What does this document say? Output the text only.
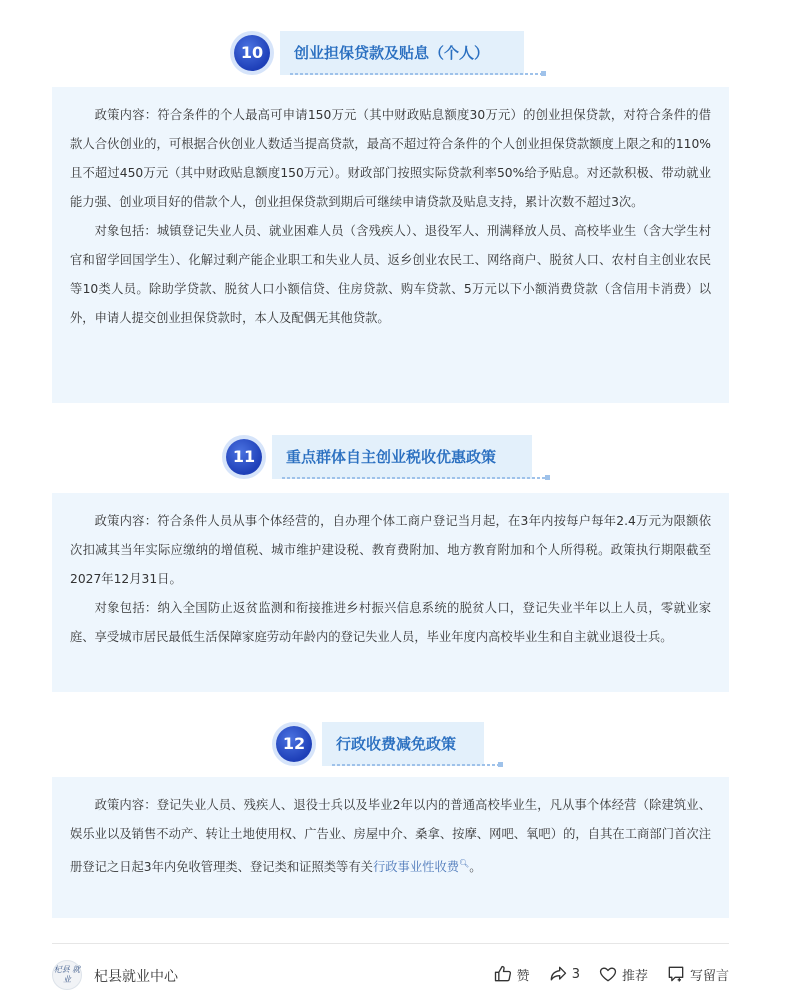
10	创业担保贷款及贴息（个人）

政策内容：符合条件的个人最高可申请150万元（其中财政贴息额度30万元）的创业担保贷款，对符合条件的借款人合伙创业的，可根据合伙创业人数适当提高贷款，最高不超过符合条件的个人创业担保贷款额度上限之和的110%且不超过450万元（其中财政贴息额度150万元）。财政部门按照实际贷款利率50%给予贴息。对还款积极、带动就业能力强、创业项目好的借款个人，创业担保贷款到期后可继续申请贷款及贴息支持，累计次数不超过3次。

对象包括：城镇登记失业人员、就业困难人员（含残疾人）、退役军人、刑满释放人员、高校毕业生（含大学生村官和留学回国学生）、化解过剩产能企业职工和失业人员、返乡创业农民工、网络商户、脱贫人口、农村自主创业农民等10类人员。除助学贷款、脱贫人口小额信贷、住房贷款、购车贷款、5万元以下小额消费贷款（含信用卡消费）以外，申请人提交创业担保贷款时，本人及配偶无其他贷款。

11	重点群体自主创业税收优惠政策

政策内容：符合条件人员从事个体经营的，自办理个体工商户登记当月起，在3年内按每户每年2.4万元为限额依次扣减其当年实际应缴纳的增值税、城市维护建设税、教育费附加、地方教育附加和个人所得税。政策执行期限截至2027年12月31日。

对象包括：纳入全国防止返贫监测和衔接推进乡村振兴信息系统的脱贫人口，登记失业半年以上人员，零就业家庭、享受城市居民最低生活保障家庭劳动年龄内的登记失业人员，毕业年度内高校毕业生和自主就业退役士兵。

12	行政收费减免政策

政策内容：登记失业人员、残疾人、退役士兵以及毕业2年以内的普通高校毕业生，凡从事个体经营（除建筑业、娱乐业以及销售不动产、转让土地使用权、广告业、房屋中介、桑拿、按摩、网吧、氧吧）的，自其在工商部门首次注册登记之日起3年内免收管理类、登记类和证照类等有关行政事业性收费🔍︎。

杞县 就业	杞县就业中心	赞	3	推荐	写留言
